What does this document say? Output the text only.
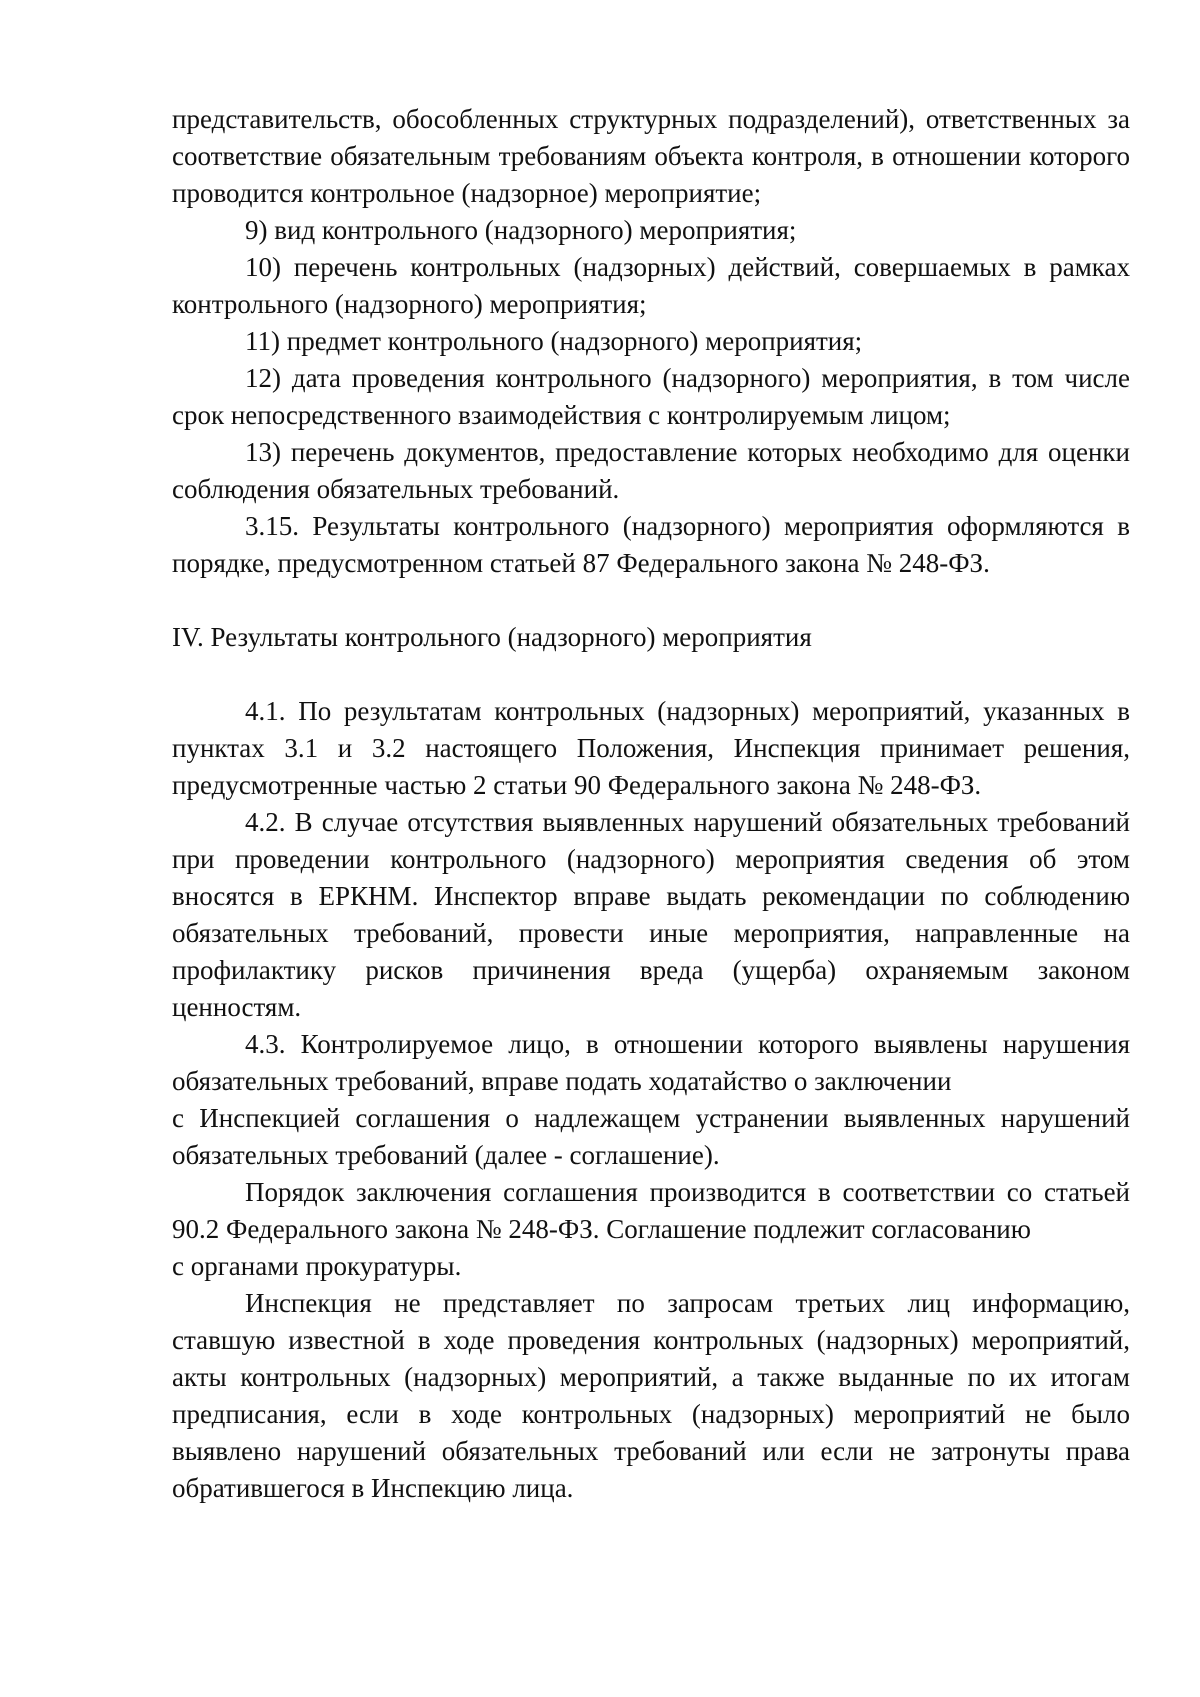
представительств, обособленных структурных подразделений), ответственных за соответствие обязательным требованиям объекта контроля, в отношении которого проводится контрольное (надзорное) мероприятие;

9) вид контрольного (надзорного) мероприятия;

10) перечень контрольных (надзорных) действий, совершаемых в рамках контрольного (надзорного) мероприятия;

11) предмет контрольного (надзорного) мероприятия;

12) дата проведения контрольного (надзорного) мероприятия, в том числе срок непосредственного взаимодействия с контролируемым лицом;

13) перечень документов, предоставление которых необходимо для оценки соблюдения обязательных требований.

3.15. Результаты контрольного (надзорного) мероприятия оформляются в порядке, предусмотренном статьей 87 Федерального закона № 248-ФЗ.

IV. Результаты контрольного (надзорного) мероприятия

4.1. По результатам контрольных (надзорных) мероприятий, указанных в пунктах 3.1 и 3.2 настоящего Положения, Инспекция принимает решения, предусмотренные частью 2 статьи 90 Федерального закона № 248-ФЗ.

4.2. В случае отсутствия выявленных нарушений обязательных требований при проведении контрольного (надзорного) мероприятия сведения об этом вносятся в ЕРКНМ. Инспектор вправе выдать рекомендации по соблюдению обязательных требований, провести иные мероприятия, направленные на профилактику рисков причинения вреда (ущерба) охраняемым законом ценностям.

4.3. Контролируемое лицо, в отношении которого выявлены нарушения обязательных требований, вправе подать ходатайство о заключении

с Инспекцией соглашения о надлежащем устранении выявленных нарушений обязательных требований (далее - соглашение).

Порядок заключения соглашения производится в соответствии со статьей 90.2 Федерального закона № 248-ФЗ. Соглашение подлежит согласованию

с органами прокуратуры.

Инспекция не представляет по запросам третьих лиц информацию, ставшую известной в ходе проведения контрольных (надзорных) мероприятий, акты контрольных (надзорных) мероприятий, а также выданные по их итогам предписания, если в ходе контрольных (надзорных) мероприятий не было выявлено нарушений обязательных требований или если не затронуты права обратившегося в Инспекцию лица.
